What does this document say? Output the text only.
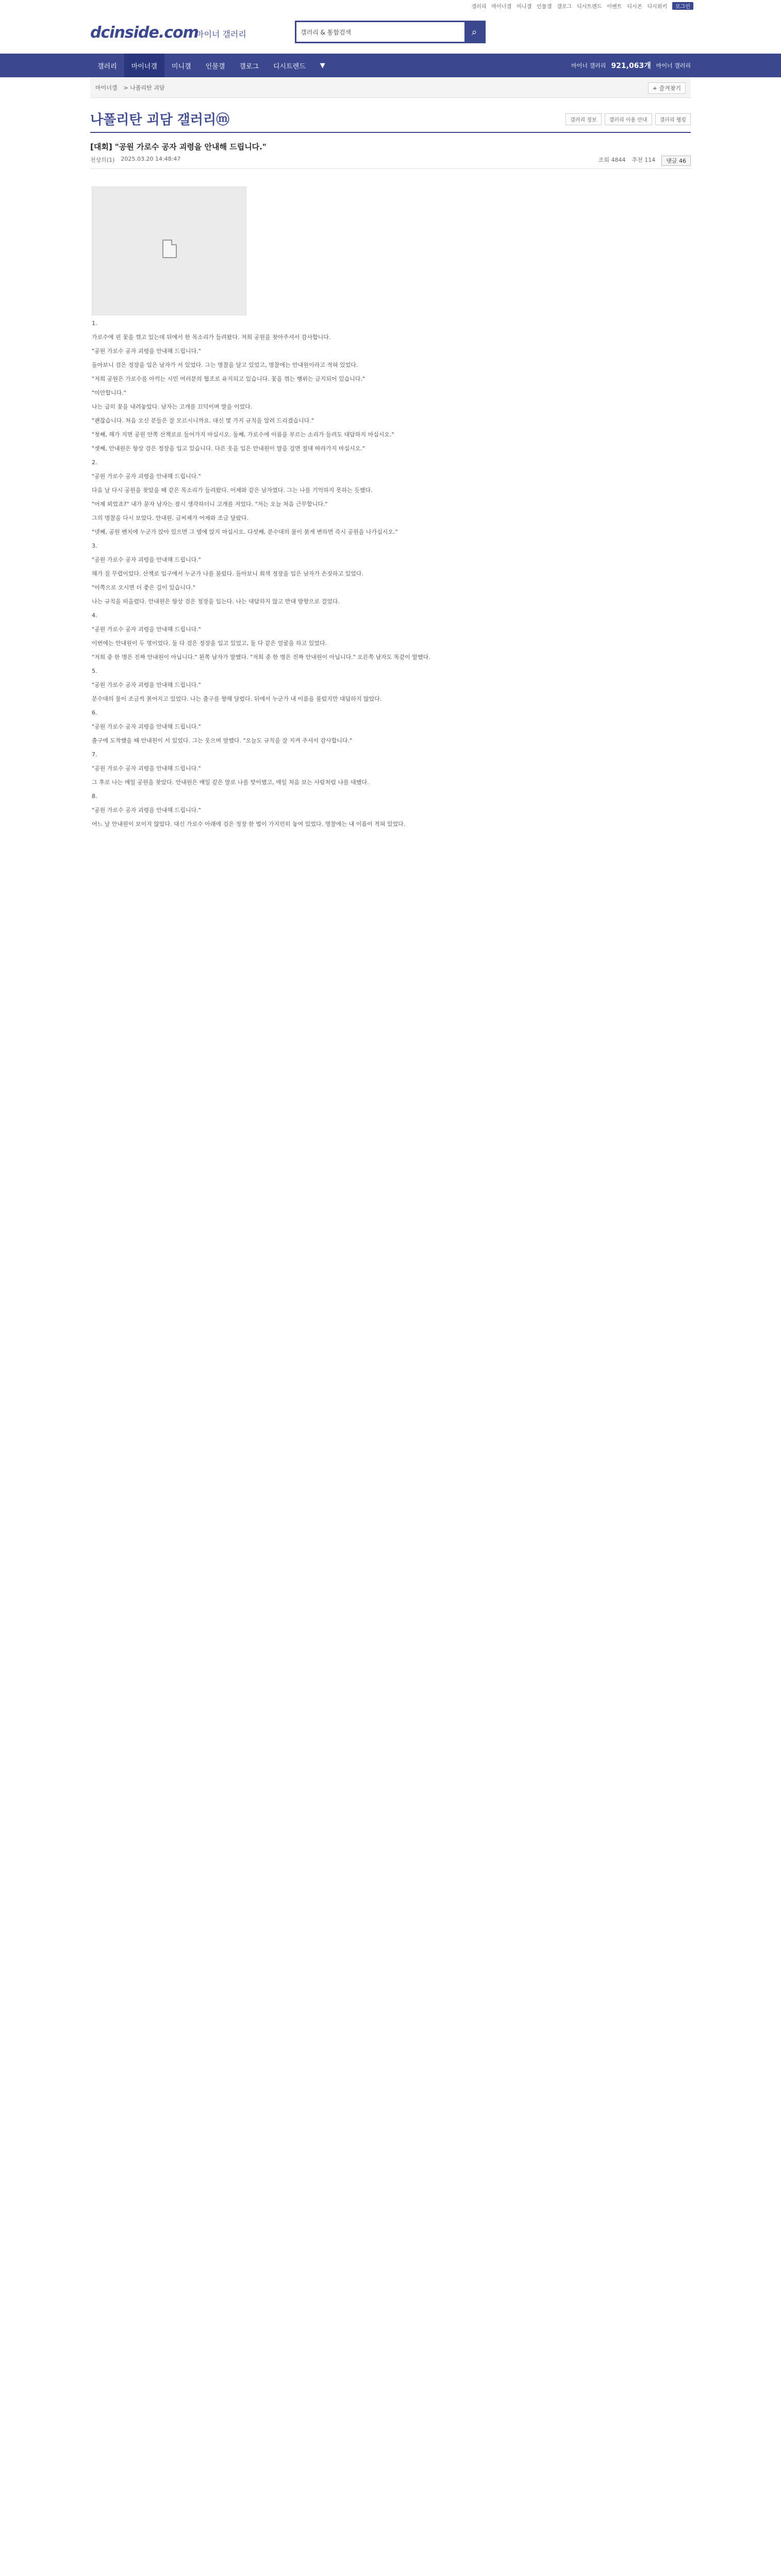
갤러리 마이너갤 미니갤 인물갤 갤로그 디시트렌드 이벤트 디시콘 디시위키	로그인
dcinside.com
마이너 갤러리
갤러리 & 통합검색	⌕
갤러리	마이너갤	미니갤	인물갤	갤로그	디시트렌드	▼	마이너 갤러리 921,063개 마이너 갤러리
마이너갤 > 나폴리탄 괴담	+ 즐겨찾기
나폴리탄 괴담 갤러리ⓜ	갤러리 정보	갤러리 이용 안내	갤러리 랭킹
[대회] "공원 가로수 공자 괴령을 안내해 드립니다."
천상의(1) 2025.03.20 14:48:47	조회 4844 추천 114	댓글 46

1.

가로수에 핀 꽃을 꺾고 있는데 뒤에서 한 목소리가 들려왔다. 저희 공원을 찾아주셔서 감사합니다.

"공원 가로수 공자 괴령을 안내해 드립니다."

돌아보니 검은 정장을 입은 남자가 서 있었다. 그는 명찰을 달고 있었고, 명찰에는 안내원이라고 적혀 있었다.

"저희 공원은 가로수를 아끼는 시민 여러분의 협조로 유지되고 있습니다. 꽃을 꺾는 행위는 금지되어 있습니다."

"미안합니다."

나는 급히 꽃을 내려놓았다. 남자는 고개를 끄덕이며 말을 이었다.

"괜찮습니다. 처음 오신 분들은 잘 모르시니까요. 대신 몇 가지 규칙을 알려 드리겠습니다."

"첫째, 해가 지면 공원 안쪽 산책로로 들어가지 마십시오. 둘째, 가로수에 이름을 부르는 소리가 들려도 대답하지 마십시오."

"셋째, 안내원은 항상 검은 정장을 입고 있습니다. 다른 옷을 입은 안내원이 말을 걸면 절대 따라가지 마십시오."

2.

"공원 가로수 공자 괴령을 안내해 드립니다."

다음 날 다시 공원을 찾았을 때 같은 목소리가 들려왔다. 어제와 같은 남자였다. 그는 나를 기억하지 못하는 듯했다.

"어제 뵈었죠?" 내가 묻자 남자는 잠시 생각하더니 고개를 저었다. "저는 오늘 처음 근무합니다."

그의 명찰을 다시 보았다. 안내원. 글씨체가 어제와 조금 달랐다.

"넷째, 공원 벤치에 누군가 앉아 있으면 그 옆에 앉지 마십시오. 다섯째, 분수대의 물이 붉게 변하면 즉시 공원을 나가십시오."

3.

"공원 가로수 공자 괴령을 안내해 드립니다."

해가 질 무렵이었다. 산책로 입구에서 누군가 나를 불렀다. 돌아보니 회색 정장을 입은 남자가 손짓하고 있었다.

"이쪽으로 오시면 더 좋은 길이 있습니다."

나는 규칙을 떠올렸다. 안내원은 항상 검은 정장을 입는다. 나는 대답하지 않고 반대 방향으로 걸었다.

4.

"공원 가로수 공자 괴령을 안내해 드립니다."

이번에는 안내원이 두 명이었다. 둘 다 검은 정장을 입고 있었고, 둘 다 같은 얼굴을 하고 있었다.

"저희 중 한 명은 진짜 안내원이 아닙니다." 왼쪽 남자가 말했다. "저희 중 한 명은 진짜 안내원이 아닙니다." 오른쪽 남자도 똑같이 말했다.

5.

"공원 가로수 공자 괴령을 안내해 드립니다."

분수대의 물이 조금씩 붉어지고 있었다. 나는 출구를 향해 달렸다. 뒤에서 누군가 내 이름을 불렀지만 대답하지 않았다.

6.

"공원 가로수 공자 괴령을 안내해 드립니다."

출구에 도착했을 때 안내원이 서 있었다. 그는 웃으며 말했다. "오늘도 규칙을 잘 지켜 주셔서 감사합니다."

7.

"공원 가로수 공자 괴령을 안내해 드립니다."

그 후로 나는 매일 공원을 찾았다. 안내원은 매일 같은 말로 나를 맞이했고, 매일 처음 보는 사람처럼 나를 대했다.

8.

"공원 가로수 공자 괴령을 안내해 드립니다."

어느 날 안내원이 보이지 않았다. 대신 가로수 아래에 검은 정장 한 벌이 가지런히 놓여 있었다. 명찰에는 내 이름이 적혀 있었다.
